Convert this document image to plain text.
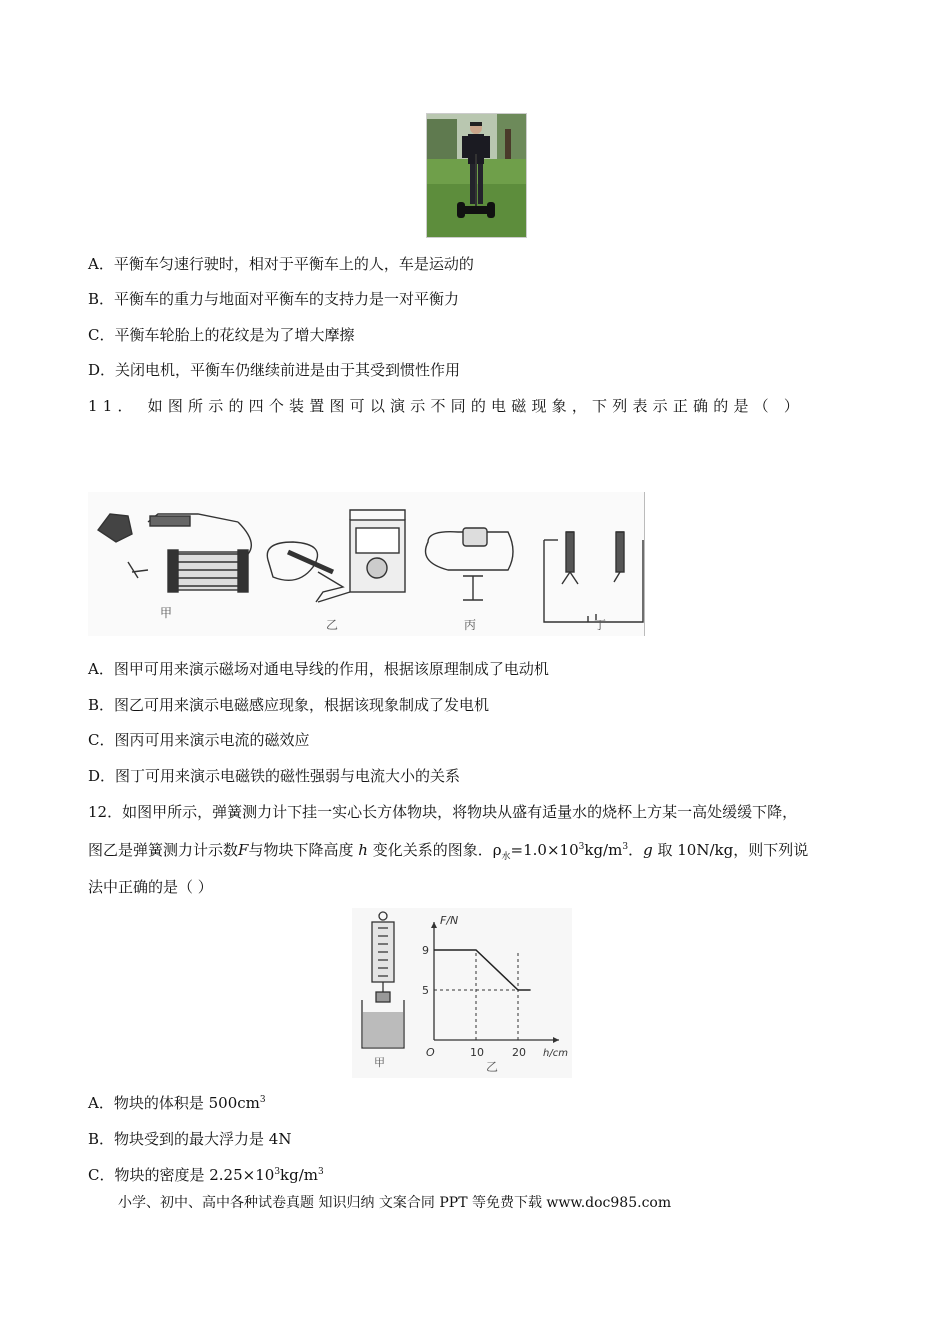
A．平衡车匀速行驶时，相对于平衡车上的人，车是运动的
B．平衡车的重力与地面对平衡车的支持力是一对平衡力
C．平衡车轮胎上的花纹是为了增大摩擦
D．关闭电机，平衡车仍继续前进是由于其受到惯性作用
11． 如图所示的四个装置图可以演示不同的电磁现象，下列表示正确的是（ ）
甲
乙	丙	丁
A．图甲可用来演示磁场对通电导线的作用，根据该原理制成了电动机
B．图乙可用来演示电磁感应现象，根据该现象制成了发电机
C．图丙可用来演示电流的磁效应
D．图丁可用来演示电磁铁的磁性强弱与电流大小的关系
12．如图甲所示，弹簧测力计下挂一实心长方体物块，将物块从盛有适量水的烧杯上方某一高处缓缓下降，
图乙是弹簧测力计示数F与物块下降高度 h 变化关系的图象．$\rho_水=1.0\times 10^3kg/m^3$．g 取 10N/kg，则下列说
法中正确的是（ ）
甲
F/N
h/cm
O	10	20
5
9
乙
A．物块的体积是 $500cm^3$
B．物块受到的最大浮力是 4N
C．物块的密度是 $2.25\times 10^3kg/m^3$
小学、初中、高中各种试卷真题 知识归纳 文案合同 PPT 等免费下载 www.doc985.com
